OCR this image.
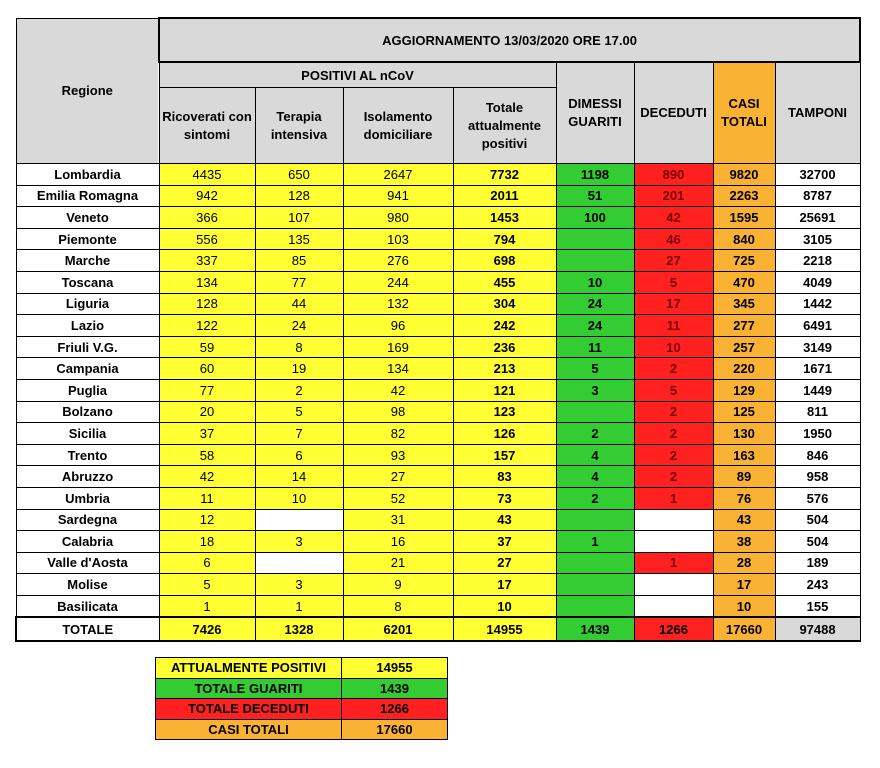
Regione	AGGIORNAMENTO 13/03/2020 ORE 17.00							
	POSITIVI AL nCoV				DIMESSI GUARITI	DECEDUTI	CASI TOTALI	TAMPONI
	Ricoverati con sintomi	Terapia intensiva	Isolamento domiciliare	Totale attualmente positivi				
Lombardia	4435	650	2647	7732	1198	890	9820	32700
Emilia Romagna	942	128	941	2011	51	201	2263	8787
Veneto	366	107	980	1453	100	42	1595	25691
Piemonte	556	135	103	794		46	840	3105
Marche	337	85	276	698		27	725	2218
Toscana	134	77	244	455	10	5	470	4049
Liguria	128	44	132	304	24	17	345	1442
Lazio	122	24	96	242	24	11	277	6491
Friuli V.G.	59	8	169	236	11	10	257	3149
Campania	60	19	134	213	5	2	220	1671
Puglia	77	2	42	121	3	5	129	1449
Bolzano	20	5	98	123		2	125	811
Sicilia	37	7	82	126	2	2	130	1950
Trento	58	6	93	157	4	2	163	846
Abruzzo	42	14	27	83	4	2	89	958
Umbria	11	10	52	73	2	1	76	576
Sardegna	12		31	43			43	504
Calabria	18	3	16	37	1		38	504
Valle d'Aosta	6		21	27		1	28	189
Molise	5	3	9	17			17	243
Basilicata	1	1	8	10			10	155
TOTALE	7426	1328	6201	14955	1439	1266	17660	97488
ATTUALMENTE POSITIVI	14955
TOTALE GUARITI	1439
TOTALE DECEDUTI	1266
CASI TOTALI	17660
